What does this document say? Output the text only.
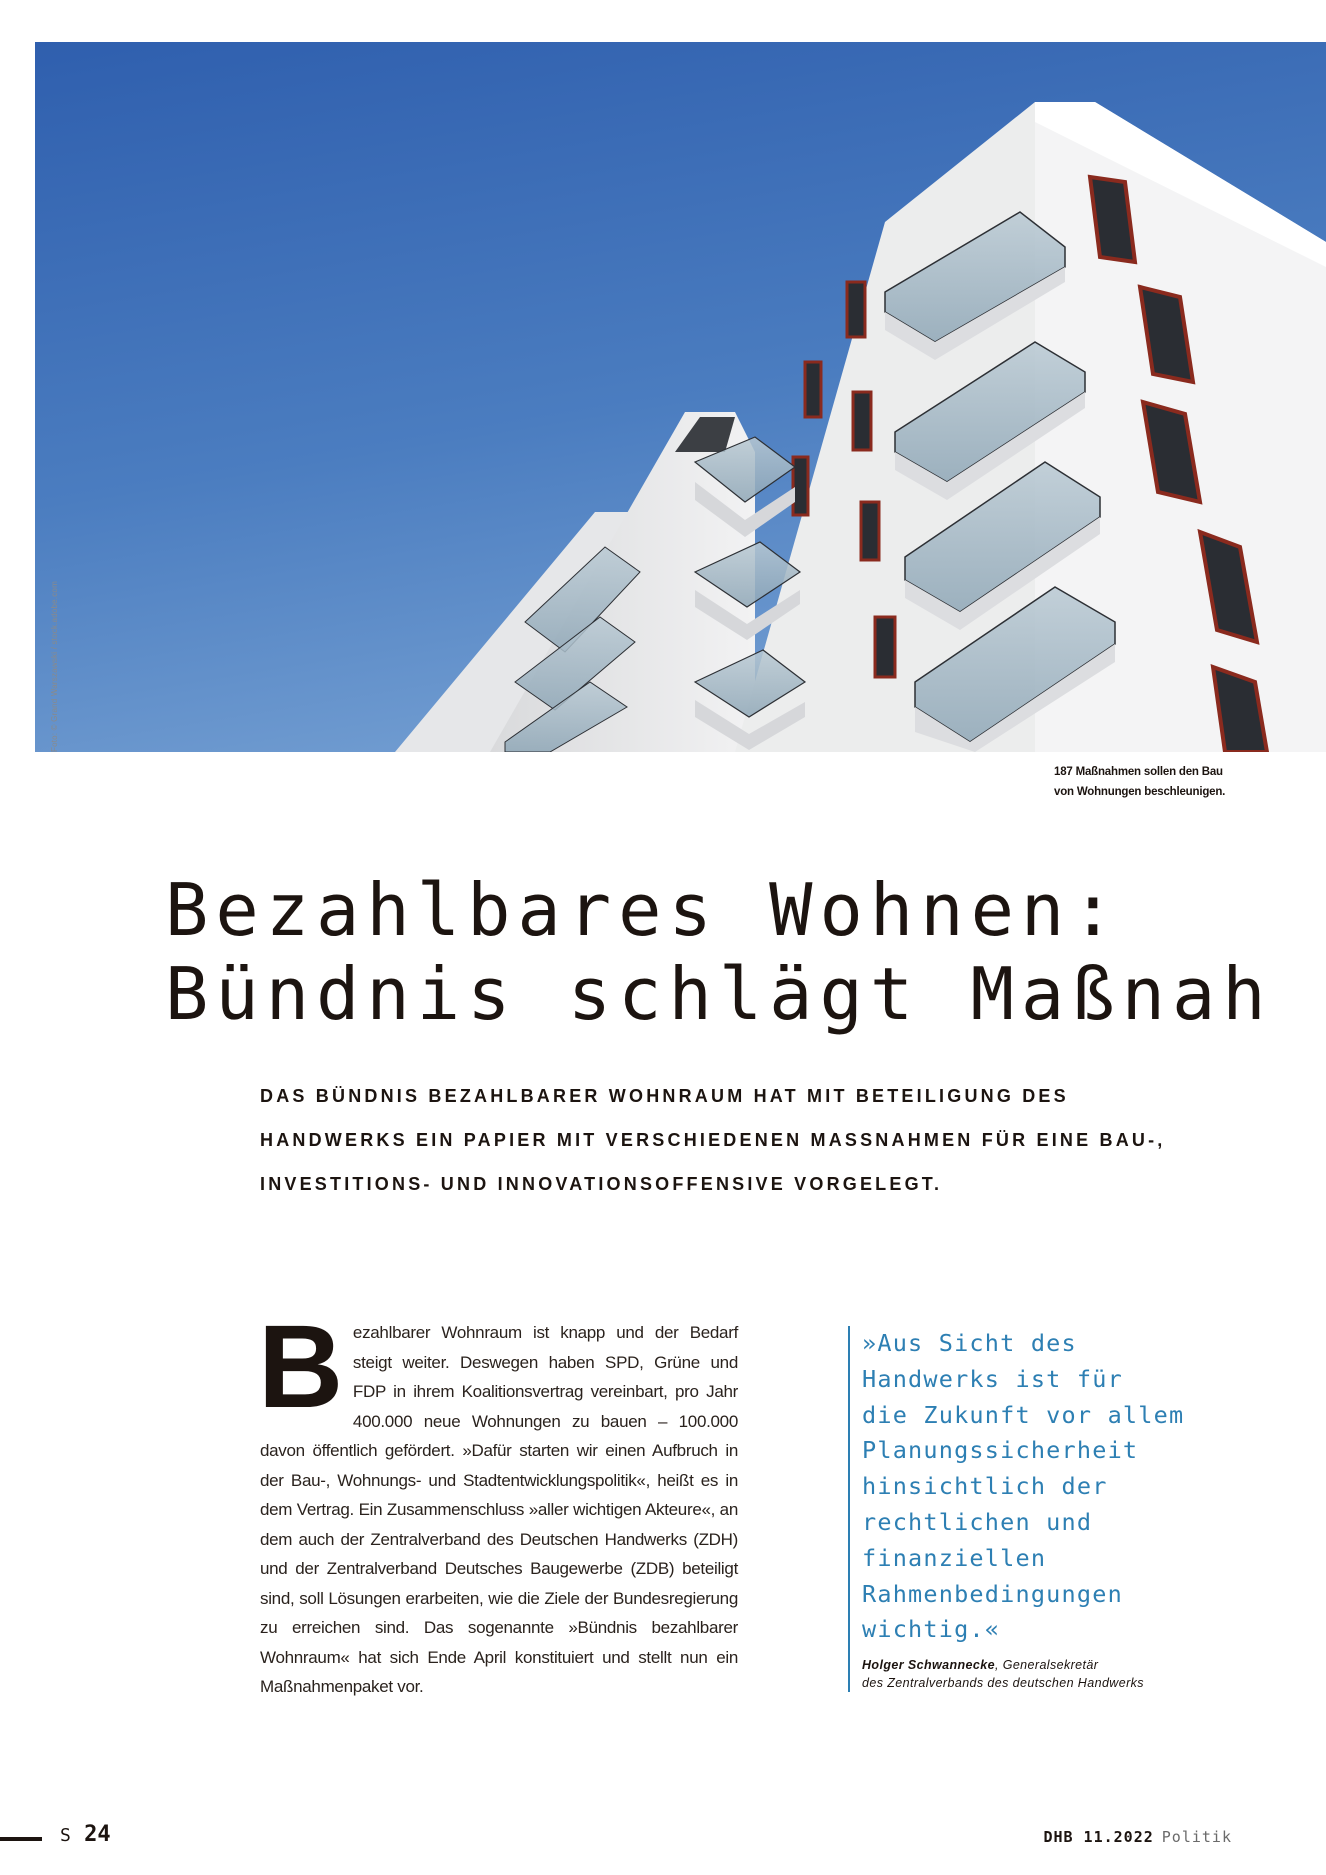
Foto: © Grand Warszawski / stock.adobe.com
187 Maßnahmen sollen den Bau
von Wohnungen beschleunigen.
Bezahlbares Wohnen:
Bündnis schlägt Maßnah
DAS BÜNDNIS BEZAHLBARER WOHNRAUM HAT MIT BETEILIGUNG DES
HANDWERKS EIN PAPIER MIT VERSCHIEDENEN MASSNAHMEN FÜR EINE BAU-,
INVESTITIONS- UND INNOVATIONSOFFENSIVE VORGELEGT.
Bezahlbarer Wohnraum ist knapp und der Bedarf steigt weiter. Deswegen haben SPD, Grüne und FDP in ihrem Koalitionsvertrag vereinbart, pro Jahr 400.000 neue Wohnungen zu bauen – 100.000 davon öffentlich gefördert. »Dafür starten wir einen Aufbruch in der Bau-, Wohnungs- und Stadtentwicklungspolitik«, heißt es in dem Vertrag. Ein Zusammenschluss »aller wichtigen Akteure«, an dem auch der Zentralverband des Deutschen Handwerks (ZDH) und der Zentralverband Deutsches Baugewerbe (ZDB) beteiligt sind, soll Lösungen erarbeiten, wie die Ziele der Bundesregierung zu erreichen sind. Das sogenannte »Bündnis bezahlbarer Wohnraum« hat sich Ende April konstituiert und stellt nun ein Maßnahmenpaket vor.
»Aus Sicht des
Handwerks ist für
die Zukunft vor allem
Planungssicherheit
hinsichtlich der
rechtlichen und
finanziellen
Rahmenbedingungen
wichtig.«
Holger Schwannecke, Generalsekretär
des Zentralverbands des deutschen Handwerks
S 24	DHB 11.2022 Politik
